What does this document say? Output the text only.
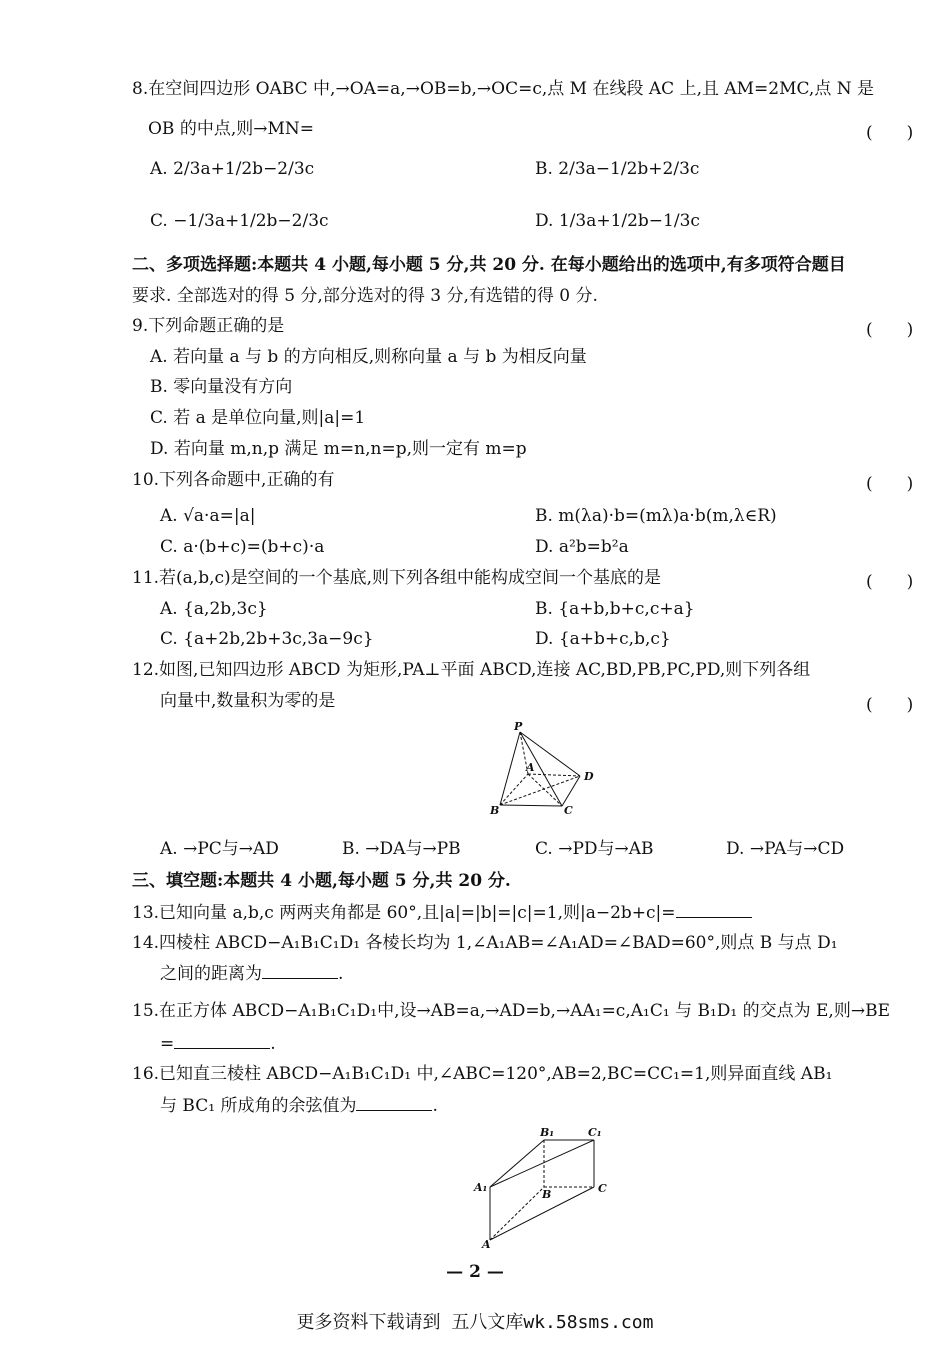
8.在空间四边形 OABC 中,→OA=a,→OB=b,→OC=c,点 M 在线段 AC 上,且 AM=2MC,点 N 是
OB 的中点,则→MN=	(　　)
A. 2/3a+1/2b−2/3c	B. 2/3a−1/2b+2/3c
C. −1/3a+1/2b−2/3c	D. 1/3a+1/2b−1/3c
二、多项选择题:本题共 4 小题,每小题 5 分,共 20 分. 在每小题给出的选项中,有多项符合题目
要求. 全部选对的得 5 分,部分选对的得 3 分,有选错的得 0 分.
9.下列命题正确的是	(　　)
A. 若向量 a 与 b 的方向相反,则称向量 a 与 b 为相反向量
B. 零向量没有方向
C. 若 a 是单位向量,则|a|=1
D. 若向量 m,n,p 满足 m=n,n=p,则一定有 m=p
10.下列各命题中,正确的有	(　　)
A. √a·a=|a|	B. m(λa)·b=(mλ)a·b(m,λ∈R)
C. a·(b+c)=(b+c)·a	D. a²b=b²a
11.若(a,b,c)是空间的一个基底,则下列各组中能构成空间一个基底的是	(　　)
A. {a,2b,3c}	B. {a+b,b+c,c+a}
C. {a+2b,2b+3c,3a−9c}	D. {a+b+c,b,c}
12.如图,已知四边形 ABCD 为矩形,PA⊥平面 ABCD,连接 AC,BD,PB,PC,PD,则下列各组
向量中,数量积为零的是	(　　)
P
A
D
B	C
A. →PC与→AD	B. →DA与→PB	C. →PD与→AB	D. →PA与→CD
三、填空题:本题共 4 小题,每小题 5 分,共 20 分.
13.已知向量 a,b,c 两两夹角都是 60°,且|a|=|b|=|c|=1,则|a−2b+c|=
14.四棱柱 ABCD−A₁B₁C₁D₁ 各棱长均为 1,∠A₁AB=∠A₁AD=∠BAD=60°,则点 B 与点 D₁
之间的距离为	.
15.在正方体 ABCD−A₁B₁C₁D₁中,设→AB=a,→AD=b,→AA₁=c,A₁C₁ 与 B₁D₁ 的交点为 E,则→BE
=	.
16.已知直三棱柱 ABCD−A₁B₁C₁D₁ 中,∠ABC=120°,AB=2,BC=CC₁=1,则异面直线 AB₁
与 BC₁ 所成角的余弦值为	.
B₁	C₁
A₁
B	C
A
— 2 —
更多资料下载请到 五八文库wk.58sms.com
